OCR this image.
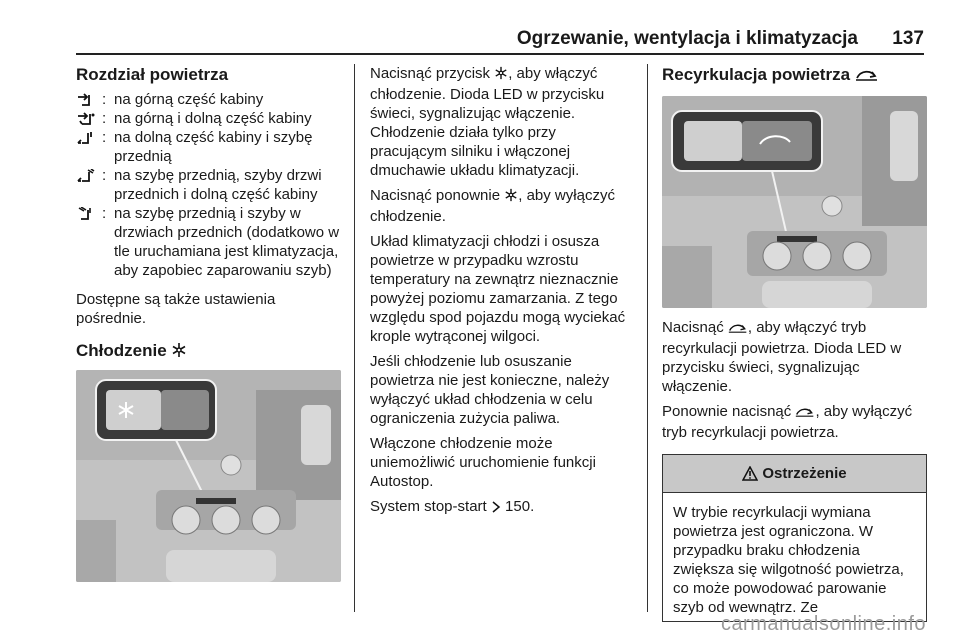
Ogrzewanie, wentylacja i klimatyzacja 137
Rozdział powietrza
: na górną część kabiny
: na górną i dolną część kabiny
: na dolną część kabiny i szybę przednią
: na szybę przednią, szyby drzwi przednich i dolną część kabiny
: na szybę przednią i szyby w drzwiach przednich (dodatkowo w tle uruchamiana jest klimatyzacja, aby zapobiec zaparowaniu szyb)

Dostępne są także ustawienia pośrednie.

Chłodzenie

Nacisnąć przycisk , aby włączyć chłodzenie. Dioda LED w przycisku świeci, sygnalizując włączenie. Chłodzenie działa tylko przy pracującym silniku i włączonej dmuchawie układu klimatyzacji.

Nacisnąć ponownie , aby wyłączyć chłodzenie.

Układ klimatyzacji chłodzi i osusza powietrze w przypadku wzrostu temperatury na zewnątrz nieznacznie powyżej poziomu zamarzania. Z tego względu spod pojazdu mogą wyciekać krople wytrąconej wilgoci.

Jeśli chłodzenie lub osuszanie powietrza nie jest konieczne, należy wyłączyć układ chłodzenia w celu ograniczenia zużycia paliwa.

Włączone chłodzenie może uniemożliwić uruchomienie funkcji Autostop.

System stop-start 150.

Recyrkulacja powietrza

Nacisnąć , aby włączyć tryb recyrkulacji powietrza. Dioda LED w przycisku świeci, sygnalizując włączenie.

Ponownie nacisnąć , aby wyłączyć tryb recyrkulacji powietrza.

Ostrzeżenie
W trybie recyrkulacji wymiana powietrza jest ograniczona. W przypadku braku chłodzenia zwiększa się wilgotność powietrza, co może powodować parowanie szyb od wewnątrz. Ze
carmanualsonline.info
